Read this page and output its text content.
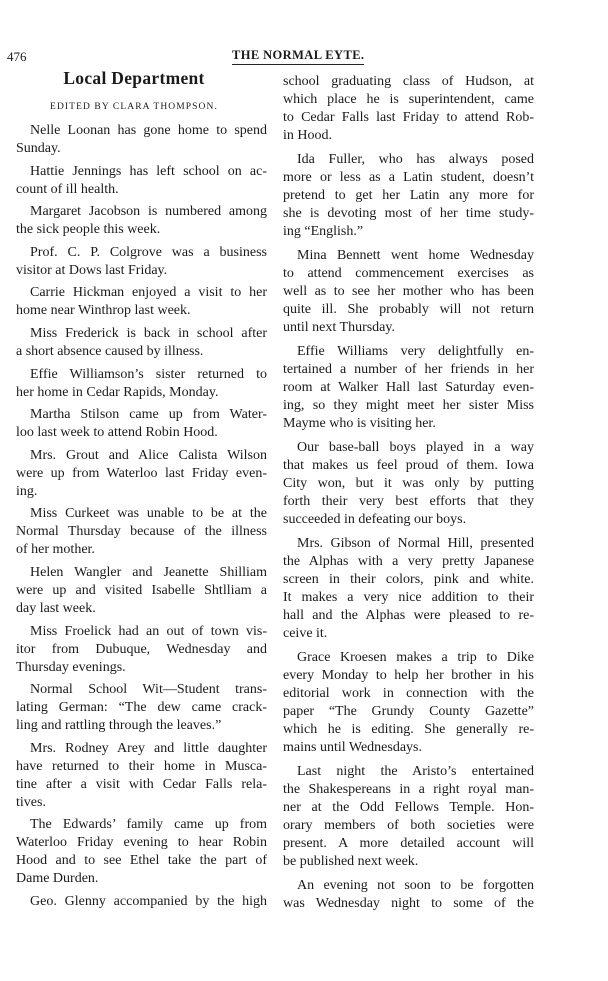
476	THE NORMAL EYTE.
Local Department
EDITED BY CLARA THOMPSON.
Nelle Loonan has gone home to spend
Sunday.
Hattie Jennings has left school on ac-
count of ill health.
Margaret Jacobson is numbered among
the sick people this week.
Prof. C. P. Colgrove was a business
visitor at Dows last Friday.
Carrie Hickman enjoyed a visit to her
home near Winthrop last week.
Miss Frederick is back in school after
a short absence caused by illness.
Effie Williamson’s sister returned to
her home in Cedar Rapids, Monday.
Martha Stilson came up from Water-
loo last week to attend Robin Hood.
Mrs. Grout and Alice Calista Wilson
were up from Waterloo last Friday even-
ing.
Miss Curkeet was unable to be at the
Normal Thursday because of the illness
of her mother.
Helen Wangler and Jeanette Shilliam
were up and visited Isabelle Shtlliam a
day last week.
Miss Froelick had an out of town vis-
itor from Dubuque, Wednesday and
Thursday evenings.
Normal School Wit—Student trans-
lating German: “The dew came crack-
ling and rattling through the leaves.”
Mrs. Rodney Arey and little daughter
have returned to their home in Musca-
tine after a visit with Cedar Falls rela-
tives.
The Edwards’ family came up from
Waterloo Friday evening to hear Robin
Hood and to see Ethel take the part of
Dame Durden.
Geo. Glenny accompanied by the high
school graduating class of Hudson, at
which place he is superintendent, came
to Cedar Falls last Friday to attend Rob-
in Hood.
Ida Fuller, who has always posed
more or less as a Latin student, doesn’t
pretend to get her Latin any more for
she is devoting most of her time study-
ing “English.”
Mina Bennett went home Wednesday
to attend commencement exercises as
well as to see her mother who has been
quite ill. She probably will not return
until next Thursday.
Effie Williams very delightfully en-
tertained a number of her friends in her
room at Walker Hall last Saturday even-
ing, so they might meet her sister Miss
Mayme who is visiting her.
Our base-ball boys played in a way
that makes us feel proud of them. Iowa
City won, but it was only by putting
forth their very best efforts that they
succeeded in defeating our boys.
Mrs. Gibson of Normal Hill, presented
the Alphas with a very pretty Japanese
screen in their colors, pink and white.
It makes a very nice addition to their
hall and the Alphas were pleased to re-
ceive it.
Grace Kroesen makes a trip to Dike
every Monday to help her brother in his
editorial work in connection with the
paper “The Grundy County Gazette”
which he is editing. She generally re-
mains until Wednesdays.
Last night the Aristo’s entertained
the Shakespereans in a right royal man-
ner at the Odd Fellows Temple. Hon-
orary members of both societies were
present. A more detailed account will
be published next week.
An evening not soon to be forgotten
was Wednesday night to some of the
